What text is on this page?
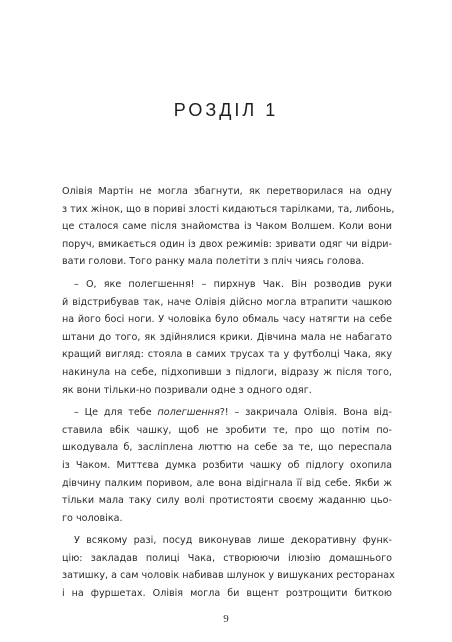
РОЗДІЛ 1
Олівія Мартін не могла збагнути, як перетворилася на одну
з тих жінок, що в пориві злості кидаються тарілками, та, либонь,
це сталося саме після знайомства із Чаком Волшем. Коли вони
поруч, вмикається один із двох режимів: зривати одяг чи відри-
вати голови. Того ранку мала полетіти з пліч чиясь голова.
– О, яке полегшення! – пирхнув Чак. Він розводив руки
й відстрибував так, наче Олівія дійсно могла втрапити чашкою
на його босі ноги. У чоловіка було обмаль часу натягти на себе
штани до того, як здійнялися крики. Дівчина мала не набагато
кращий вигляд: стояла в самих трусах та у футболці Чака, яку
накинула на себе, підхопивши з підлоги, відразу ж після того,
як вони тільки-но позривали одне з одного одяг.
– Це для тебе полегшення?! – закричала Олівія. Вона від-
ставила вбік чашку, щоб не зробити те, про що потім по-
шкодувала б, засліплена люттю на себе за те, що переспала
із Чаком. Миттєва думка розбити чашку об підлогу охопила
дівчину палким поривом, але вона відігнала її від себе. Якби ж
тільки мала таку силу волі протистояти своєму жаданню цьо-
го чоловіка.
У всякому разі, посуд виконував лише декоративну функ-
цію: закладав полиці Чака, створюючи ілюзію домашнього
затишку, а сам чоловік набивав шлунок у вишуканих ресторанах
і на фуршетах. Олівія могла би вщент розтрощити биткою
9
